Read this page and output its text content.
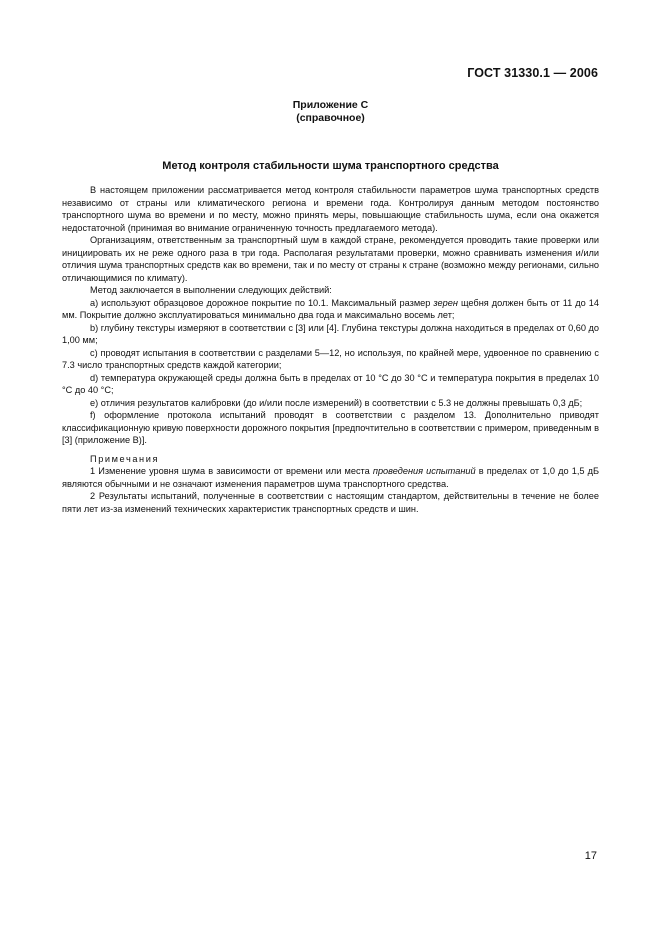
ГОСТ 31330.1 — 2006
Приложение С
(справочное)
Метод контроля стабильности шума транспортного средства

В настоящем приложении рассматривается метод контроля стабильности параметров шума транспортных средств независимо от страны или климатического региона и времени года. Контролируя данным методом постоянство транспортного шума во времени и по месту, можно принять меры, повышающие стабильность шума, если она окажется недостаточной (принимая во внимание ограниченную точность предлагаемого метода).

Организациям, ответственным за транспортный шум в каждой стране, рекомендуется проводить такие проверки или инициировать их не реже одного раза в три года. Располагая результатами проверки, можно сравнивать изменения и/или отличия шума транспортных средств как во времени, так и по месту от страны к стране (возможно между регионами, сильно отличающимися по климату).

Метод заключается в выполнении следующих действий:

а) используют образцовое дорожное покрытие по 10.1. Максимальный размер зерен щебня должен быть от 11 до 14 мм. Покрытие должно эксплуатироваться минимально два года и максимально восемь лет;

b) глубину текстуры измеряют в соответствии с [3] или [4]. Глубина текстуры должна находиться в пределах от 0,60 до 1,00 мм;

с) проводят испытания в соответствии с разделами 5—12, но используя, по крайней мере, удвоенное по сравнению с 7.3 число транспортных средств каждой категории;

d) температура окружающей среды должна быть в пределах от 10 °С до 30 °С и температура покрытия в пределах 10 °С до 40 °С;

е) отличия результатов калибровки (до и/или после измерений) в соответствии с 5.3 не должны превышать 0,3 дБ;

f) оформление протокола испытаний проводят в соответствии с разделом 13. Дополнительно приводят классификационную кривую поверхности дорожного покрытия [предпочтительно в соответствии с примером, приведенным в [3] (приложение В)].

Примечания

1 Изменение уровня шума в зависимости от времени или места проведения испытаний в пределах от 1,0 до 1,5 дБ являются обычными и не означают изменения параметров шума транспортного средства.

2 Результаты испытаний, полученные в соответствии с настоящим стандартом, действительны в течение не более пяти лет из-за изменений технических характеристик транспортных средств и шин.

17
